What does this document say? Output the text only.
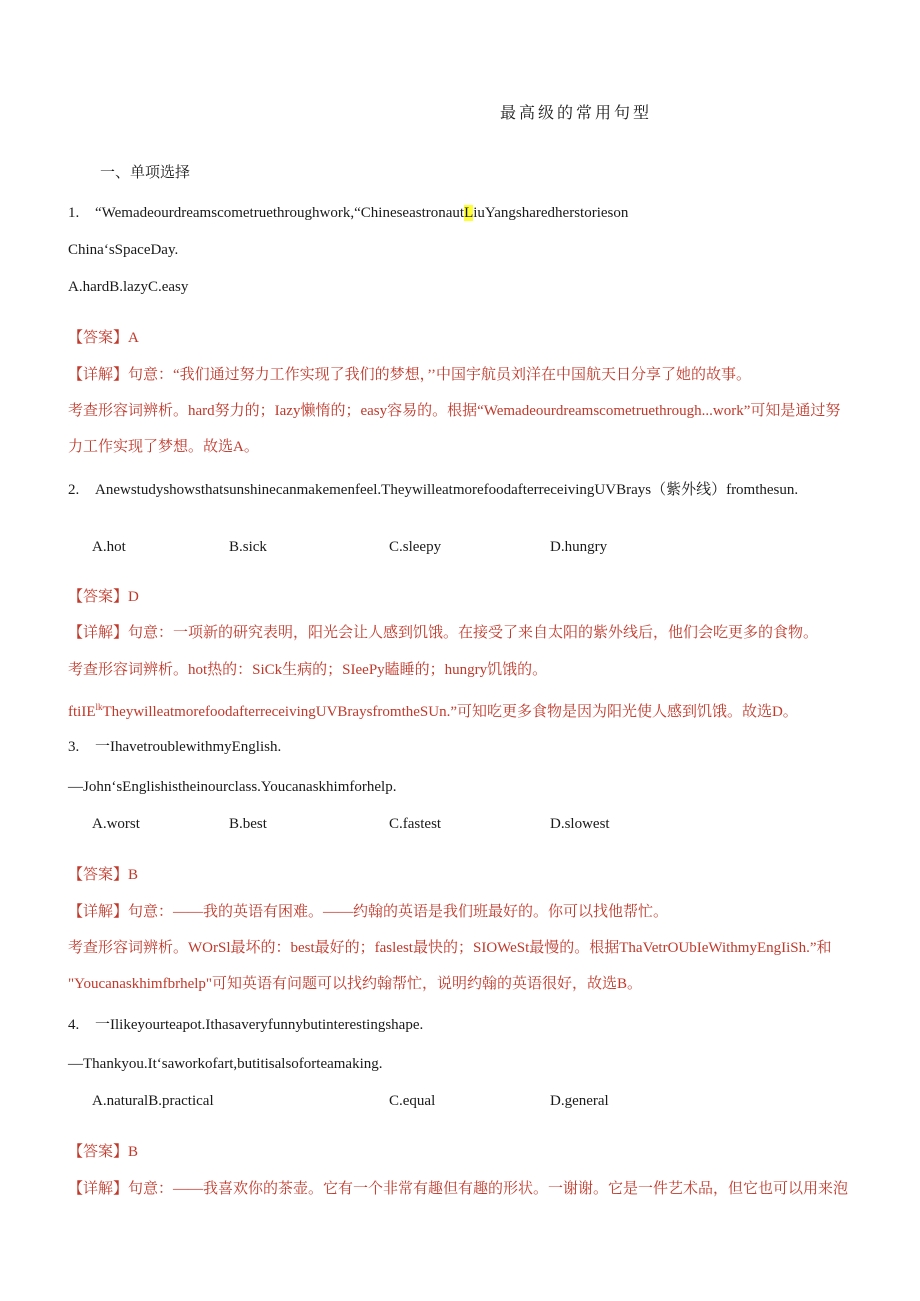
最高级的常用句型
一、单项选择
1. “Wemadeourdreamscometruethroughwork,“ChineseastronautLiuYangsharedherstorieson
China‘sSpaceDay.
A.hardB.lazyC.easy
【答案】A
【详解】句意：“我们通过努力工作实现了我们的梦想，’’中国宇航员刘洋在中国航天日分享了她的故事。
考查形容词辨析。hard努力的；Iazy懒惰的；easy容易的。根据“Wemadeourdreamscometruethrough...work”可知是通过努
力工作实现了梦想。故选A。
2. Anewstudyshowsthatsunshinecanmakemenfeel.TheywilleatmorefoodafterreceivingUVBrays（紫外线）fromthesun.
A.hot	B.sick	C.sleepy	D.hungry
【答案】D
【详解】句意：一项新的研究表明，阳光会让人感到饥饿。在接受了来自太阳的紫外线后，他们会吃更多的食物。
考查形容词辨析。hot热的：SiCk生病的；SIeePy瞌睡的；hungry饥饿的。
ftiIE$^{lk}$TheywilleatmorefoodafterreceivingUVBraysfromtheSUn.”可知吃更多食物是因为阳光使人感到饥饿。故选D。
3. 一IhavetroublewithmyEnglish.
—John‘sEnglishistheinourclass.Youcanaskhimforhelp.
A.worst	B.best	C.fastest	D.slowest
【答案】B
【详解】句意：——我的英语有困难。——约翰的英语是我们班最好的。你可以找他帮忙。
考查形容词辨析。WOrSl最坏的：best最好的；faslest最快的；SIOWeSt最慢的。根据ThaVetrOUbIeWithmyEngIiSh.”和
"Youcanaskhimfbrhelp"可知英语有问题可以找约翰帮忙，说明约翰的英语很好，故选B。
4. 一Ilikeyourteapot.Ithasaveryfunnybutinterestingshape.
—Thankyou.It‘saworkofart,butitisalsoforteamaking.
A.naturalB.practical	C.equal	D.general
【答案】B
【详解】句意：——我喜欢你的茶壶。它有一个非常有趣但有趣的形状。一谢谢。它是一件艺术品，但它也可以用来泡
